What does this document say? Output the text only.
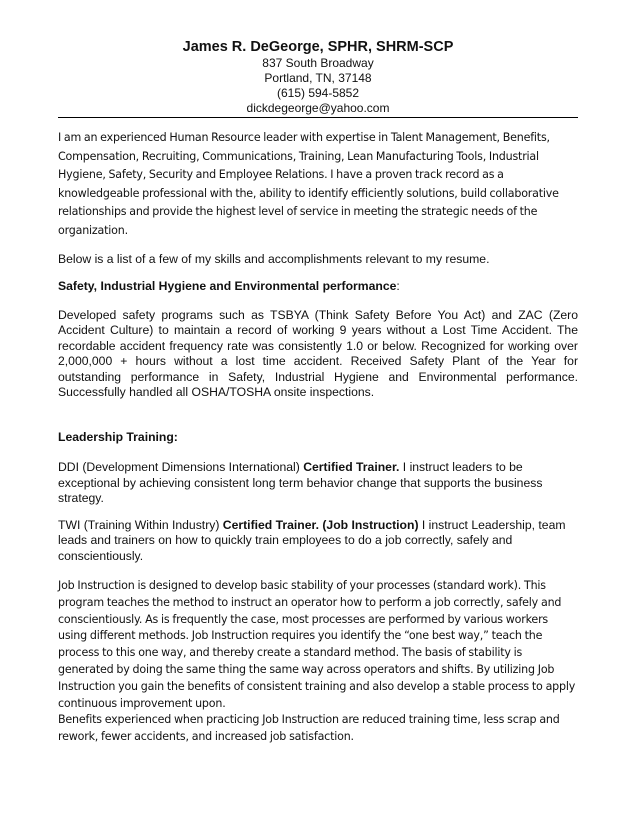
James R. DeGeorge, SPHR, SHRM-SCP

837 South Broadway

Portland, TN, 37148

(615) 594-5852

dickdegeorge@yahoo.com

I am an experienced Human Resource leader with expertise in Talent Management, Benefits, Compensation, Recruiting, Communications, Training, Lean Manufacturing Tools, Industrial Hygiene, Safety, Security and Employee Relations. I have a proven track record as a knowledgeable professional with the, ability to identify efficiently solutions, build collaborative relationships and provide the highest level of service in meeting the strategic needs of the organization.

Below is a list of a few of my skills and accomplishments relevant to my resume.

Safety, Industrial Hygiene and Environmental performance:

Developed safety programs such as TSBYA (Think Safety Before You Act) and ZAC (Zero Accident Culture) to maintain a record of working 9 years without a Lost Time Accident. The recordable accident frequency rate was consistently 1.0 or below. Recognized for working over 2,000,000 + hours without a lost time accident. Received Safety Plant of the Year for outstanding performance in Safety, Industrial Hygiene and Environmental performance. Successfully handled all OSHA/TOSHA onsite inspections.

Leadership Training:

DDI (Development Dimensions International) Certified Trainer. I instruct leaders to be exceptional by achieving consistent long term behavior change that supports the business strategy.

TWI (Training Within Industry) Certified Trainer. (Job Instruction) I instruct Leadership, team leads and trainers on how to quickly train employees to do a job correctly, safely and conscientiously.

Job Instruction is designed to develop basic stability of your processes (standard work). This program teaches the method to instruct an operator how to perform a job correctly, safely and conscientiously. As is frequently the case, most processes are performed by various workers using different methods. Job Instruction requires you identify the “one best way,” teach the process to this one way, and thereby create a standard method. The basis of stability is generated by doing the same thing the same way across operators and shifts. By utilizing Job Instruction you gain the benefits of consistent training and also develop a stable process to apply continuous improvement upon.

Benefits experienced when practicing Job Instruction are reduced training time, less scrap and rework, fewer accidents, and increased job satisfaction.
